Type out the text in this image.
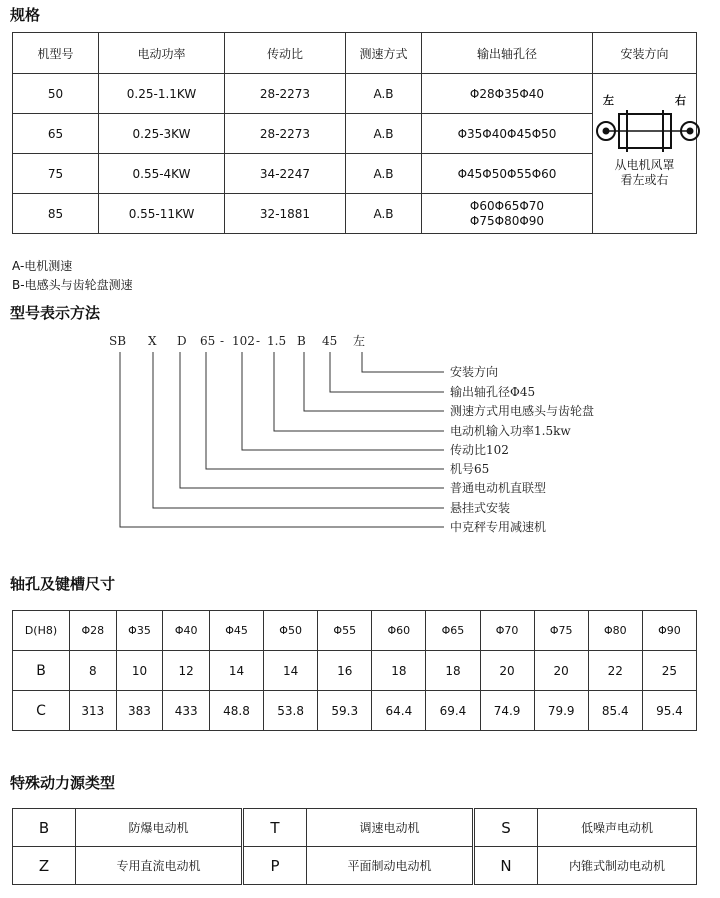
规格
机型号	电动功率	传动比	测速方式	输出轴孔径	安装方向
50	0.25-1.1KW	28-2273	A.B	Φ28Φ35Φ40	左 右
从电机风罩
看左或右

65	0.25-3KW	28-2273	A.B	Φ35Φ40Φ45Φ50	
75	0.55-4KW	34-2247	A.B	Φ45Φ50Φ55Φ60	
85	0.55-11KW	32-1881	A.B	Φ60Φ65Φ70
Φ75Φ80Φ90	
A-电机测速
B-电感头与齿轮盘测速
型号表示方法
SB X D 65 - 102 - 1.5 B 45 左
安装方向
输出轴孔径Φ45
测速方式用电感头与齿轮盘
电动机输入功率1.5kw
传动比102
机号65
普通电动机直联型
悬挂式安装
中克秤专用减速机
轴孔及键槽尺寸
D(H8)	Φ28	Φ35	Φ40	Φ45	Φ50	Φ55	Φ60	Φ65	Φ70	Φ75	Φ80	Φ90
B	8	10	12	14	14	16	18	18	20	20	22	25
C	313	383	433	48.8	53.8	59.3	64.4	69.4	74.9	79.9	85.4	95.4
特殊动力源类型
B	防爆电动机	T	调速电动机	S	低噪声电动机
Z	专用直流电动机	P	平面制动电动机	N	内锥式制动电动机
